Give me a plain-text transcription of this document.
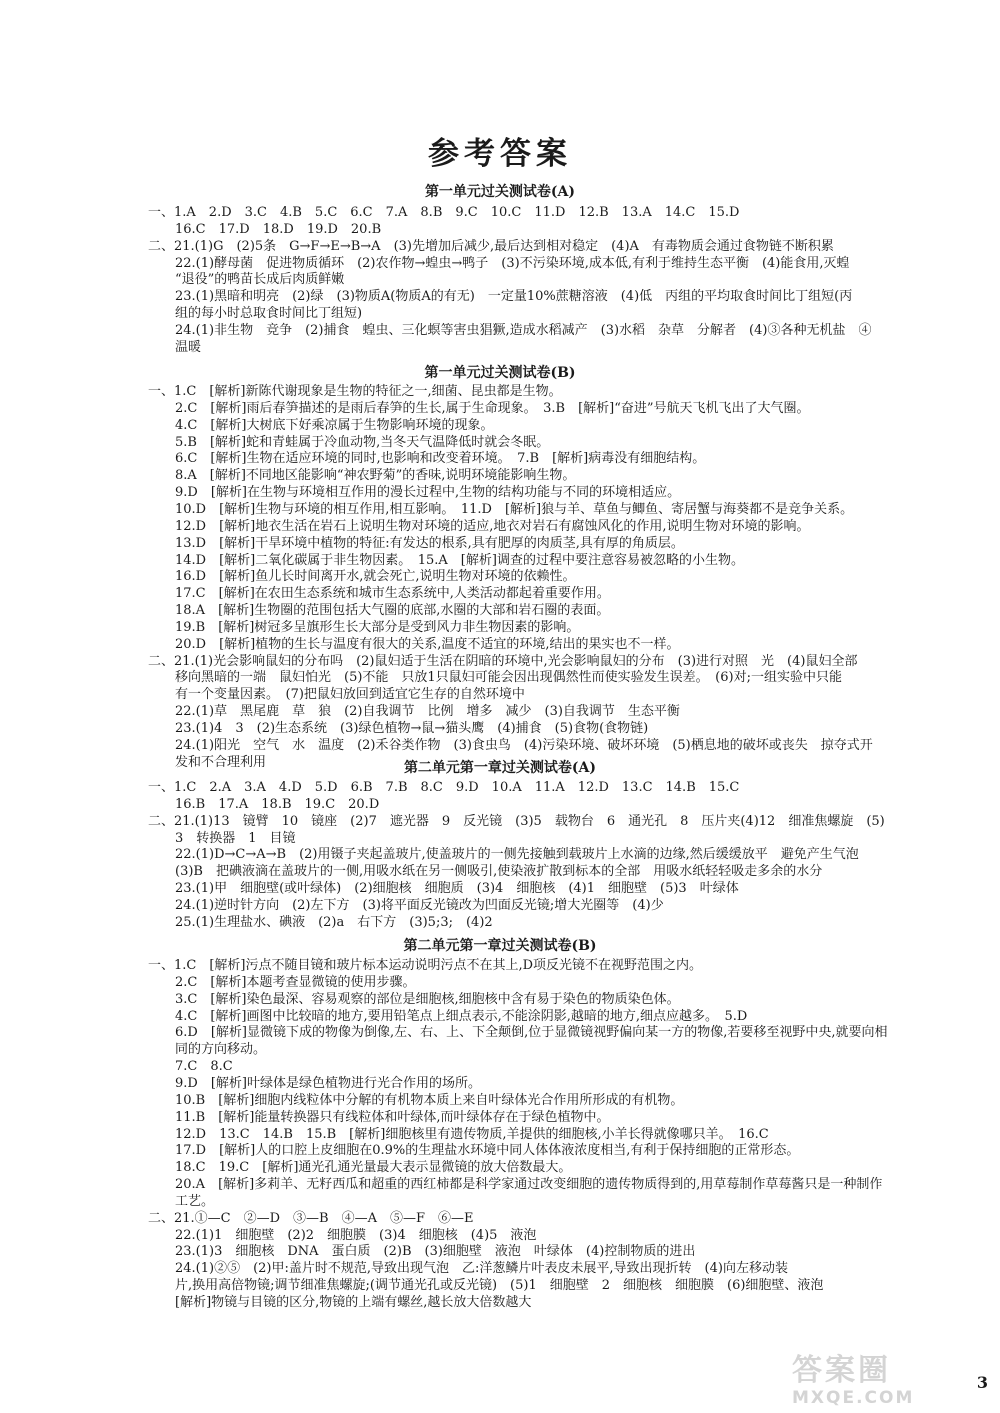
参考答案
第一单元过关测试卷(A)
一、1.A　2.D　3.C　4.B　5.C　6.C　7.A　8.B　9.C　10.C　11.D　12.B　13.A　14.C　15.D
16.C　17.D　18.D　19.D　20.B
二、21.(1)G　(2)5条　G→F→E→B→A　(3)先增加后减少,最后达到相对稳定　(4)A　有毒物质会通过食物链不断积累
22.(1)酵母菌　促进物质循环　(2)农作物→蝗虫→鸭子　(3)不污染环境,成本低,有利于维持生态平衡　(4)能食用,灭蝗
“退役”的鸭苗长成后肉质鲜嫩
23.(1)黑暗和明亮　(2)绿　(3)物质A(物质A的有无)　一定量10%蔗糖溶液　(4)低　丙组的平均取食时间比丁组短(丙
组的每小时总取食时间比丁组短)
24.(1)非生物　竞争　(2)捕食　蝗虫、三化螟等害虫猖獗,造成水稻减产　(3)水稻　杂草　分解者　(4)③各种无机盐　④
温暖
第一单元过关测试卷(B)
一、1.C　[解析]新陈代谢现象是生物的特征之一,细菌、昆虫都是生物。
2.C　[解析]雨后春笋描述的是雨后春笋的生长,属于生命现象。　3.B　[解析]“奋进”号航天飞机飞出了大气圈。
4.C　[解析]大树底下好乘凉属于生物影响环境的现象。
5.B　[解析]蛇和青蛙属于冷血动物,当冬天气温降低时就会冬眠。
6.C　[解析]生物在适应环境的同时,也影响和改变着环境。　7.B　[解析]病毒没有细胞结构。
8.A　[解析]不同地区能影响“神农野菊”的香味,说明环境能影响生物。
9.D　[解析]在生物与环境相互作用的漫长过程中,生物的结构功能与不同的环境相适应。
10.D　[解析]生物与环境的相互作用,相互影响。　11.D　[解析]狼与羊、草鱼与鲫鱼、寄居蟹与海葵都不是竞争关系。
12.D　[解析]地衣生活在岩石上说明生物对环境的适应,地衣对岩石有腐蚀风化的作用,说明生物对环境的影响。
13.D　[解析]干旱环境中植物的特征:有发达的根系,具有肥厚的肉质茎,具有厚的角质层。
14.D　[解析]二氧化碳属于非生物因素。　15.A　[解析]调查的过程中要注意容易被忽略的小生物。
16.D　[解析]鱼儿长时间离开水,就会死亡,说明生物对环境的依赖性。
17.C　[解析]在农田生态系统和城市生态系统中,人类活动都起着重要作用。
18.A　[解析]生物圈的范围包括大气圈的底部,水圈的大部和岩石圈的表面。
19.B　[解析]树冠多呈旗形生长大部分是受到风力非生物因素的影响。
20.D　[解析]植物的生长与温度有很大的关系,温度不适宜的环境,结出的果实也不一样。
二、21.(1)光会影响鼠妇的分布吗　(2)鼠妇适于生活在阴暗的环境中,光会影响鼠妇的分布　(3)进行对照　光　(4)鼠妇全部
移向黑暗的一端　鼠妇怕光　(5)不能　只放1只鼠妇可能会因出现偶然性而使实验发生误差。　(6)对;一组实验中只能
有一个变量因素。　(7)把鼠妇放回到适宜它生存的自然环境中
22.(1)草　黑尾鹿　草　狼　(2)自我调节　比例　增多　减少　(3)自我调节　生态平衡
23.(1)4　3　(2)生态系统　(3)绿色植物→鼠→猫头鹰　(4)捕食　(5)食物(食物链)
24.(1)阳光　空气　水　温度　(2)禾谷类作物　(3)食虫鸟　(4)污染环境、破坏环境　(5)栖息地的破坏或丧失　掠夺式开
发和不合理利用	第二单元第一章过关测试卷(A)
一、1.C　2.A　3.A　4.D　5.D　6.B　7.B　8.C　9.D　10.A　11.A　12.D　13.C　14.B　15.C
16.B　17.A　18.B　19.C　20.D
二、21.(1)13　镜臂　10　镜座　(2)7　遮光器　9　反光镜　(3)5　载物台　6　通光孔　8　压片夹(4)12　细准焦螺旋　(5)
3　转换器　1　目镜
22.(1)D→C→A→B　(2)用镊子夹起盖玻片,使盖玻片的一侧先接触到载玻片上水滴的边缘,然后缓缓放平　避免产生气泡
(3)B　把碘液滴在盖玻片的一侧,用吸水纸在另一侧吸引,使染液扩散到标本的全部　用吸水纸轻轻吸走多余的水分
23.(1)甲　细胞壁(或叶绿体)　(2)细胞核　细胞质　(3)4　细胞核　(4)1　细胞壁　(5)3　叶绿体
24.(1)逆时针方向　(2)左下方　(3)将平面反光镜改为凹面反光镜;增大光圈等　(4)少
25.(1)生理盐水、碘液　(2)a　右下方　(3)5;3;　(4)2
第二单元第一章过关测试卷(B)
一、1.C　[解析]污点不随目镜和玻片标本运动说明污点不在其上,D项反光镜不在视野范围之内。
2.C　[解析]本题考查显微镜的使用步骤。
3.C　[解析]染色最深、容易观察的部位是细胞核,细胞核中含有易于染色的物质染色体。
4.C　[解析]画图中比较暗的地方,要用铅笔点上细点表示,不能涂阴影,越暗的地方,细点应越多。　5.D
6.D　[解析]显微镜下成的物像为倒像,左、右、上、下全颠倒,位于显微镜视野偏向某一方的物像,若要移至视野中央,就要向相
同的方向移动。
7.C　8.C
9.D　[解析]叶绿体是绿色植物进行光合作用的场所。
10.B　[解析]细胞内线粒体中分解的有机物本质上来自叶绿体光合作用所形成的有机物。
11.B　[解析]能量转换器只有线粒体和叶绿体,而叶绿体存在于绿色植物中。
12.D　13.C　14.B　15.B　[解析]细胞核里有遗传物质,羊提供的细胞核,小羊长得就像哪只羊。　16.C
17.D　[解析]人的口腔上皮细胞在0.9%的生理盐水环境中同人体体液浓度相当,有利于保持细胞的正常形态。
18.C　19.C　[解析]通光孔通光量最大表示显微镜的放大倍数最大。
20.A　[解析]多莉羊、无籽西瓜和超重的西红柿都是科学家通过改变细胞的遗传物质得到的,用草莓制作草莓酱只是一种制作
工艺。
二、21.①—C　②—D　③—B　④—A　⑤—F　⑥—E
22.(1)1　细胞壁　(2)2　细胞膜　(3)4　细胞核　(4)5　液泡
23.(1)3　细胞核　DNA　蛋白质　(2)B　(3)细胞壁　液泡　叶绿体　(4)控制物质的进出
24.(1)②⑤　(2)甲:盖片时不规范,导致出现气泡　乙:洋葱鳞片叶表皮未展平,导致出现折转　(4)向左移动装
片,换用高倍物镜;调节细准焦螺旋;(调节通光孔或反光镜)　(5)1　细胞壁　2　细胞核　细胞膜　(6)细胞壁、液泡
[解析]物镜与目镜的区分,物镜的上端有螺丝,越长放大倍数越大
3
答案圈
MXQE.COM
